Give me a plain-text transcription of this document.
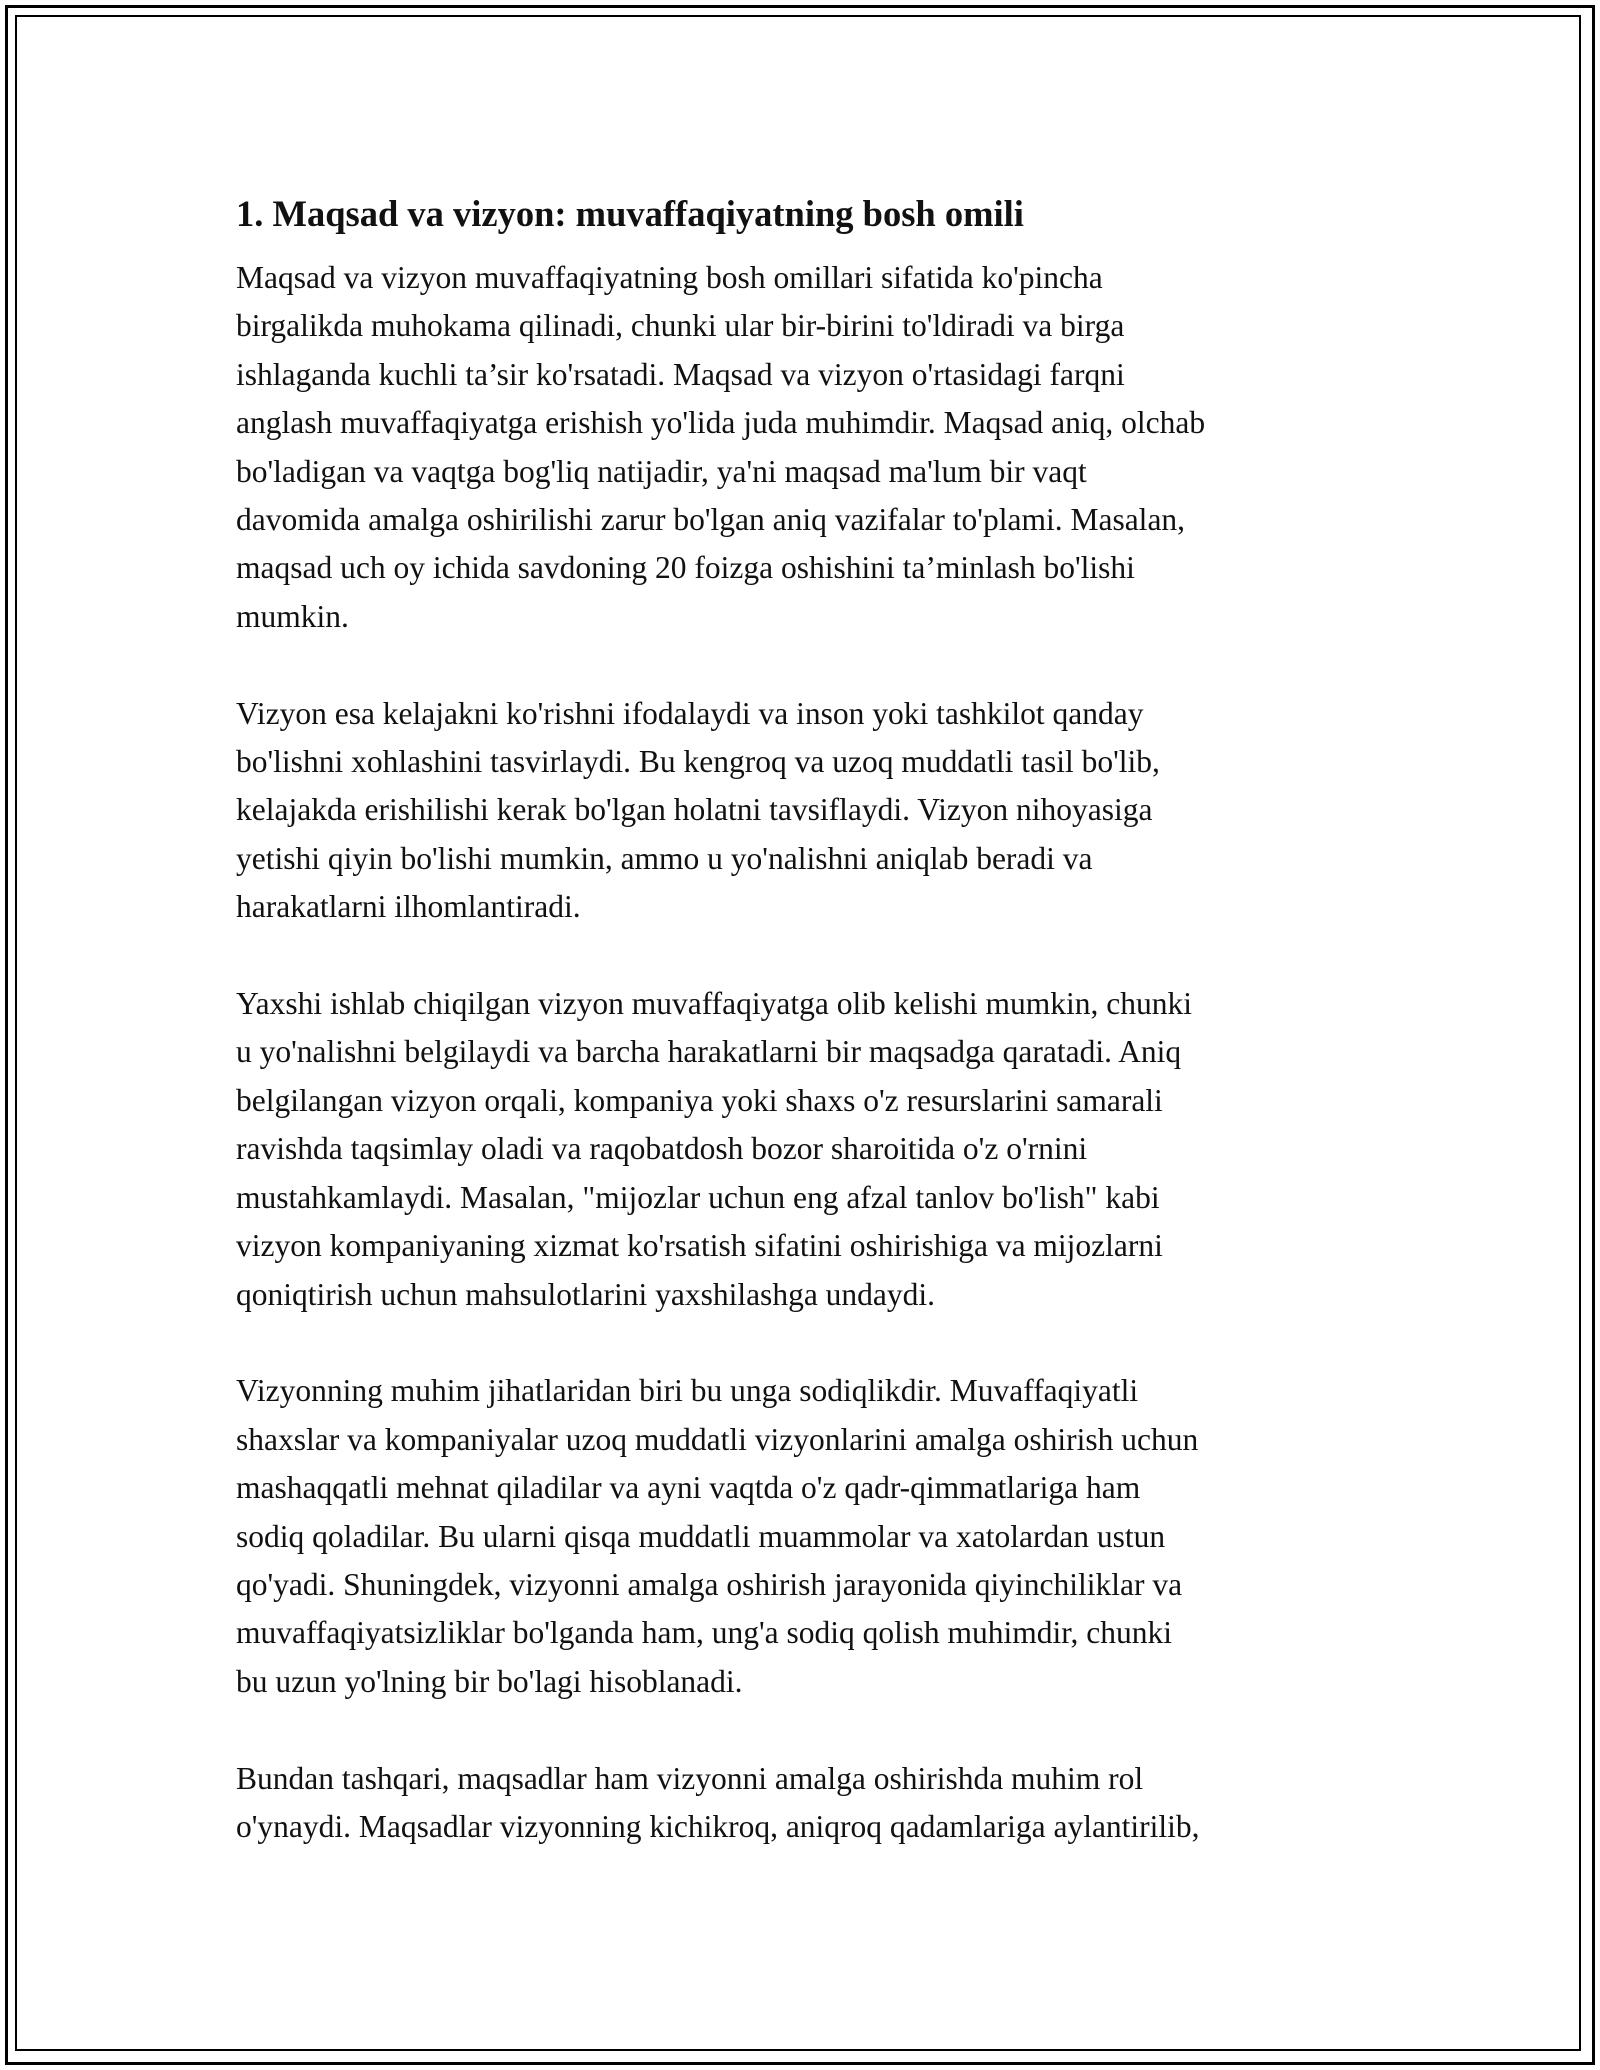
1. Maqsad va vizyon: muvaffaqiyatning bosh omili
Maqsad va vizyon muvaffaqiyatning bosh omillari sifatida ko'pincha
birgalikda muhokama qilinadi, chunki ular bir-birini to'ldiradi va birga
ishlaganda kuchli ta’sir ko'rsatadi. Maqsad va vizyon o'rtasidagi farqni
anglash muvaffaqiyatga erishish yo'lida juda muhimdir. Maqsad aniq, olchab
bo'ladigan va vaqtga bog'liq natijadir, ya'ni maqsad ma'lum bir vaqt
davomida amalga oshirilishi zarur bo'lgan aniq vazifalar to'plami. Masalan,
maqsad uch oy ichida savdoning 20 foizga oshishini ta’minlash bo'lishi
mumkin.
Vizyon esa kelajakni ko'rishni ifodalaydi va inson yoki tashkilot qanday
bo'lishni xohlashini tasvirlaydi. Bu kengroq va uzoq muddatli tasil bo'lib,
kelajakda erishilishi kerak bo'lgan holatni tavsiflaydi. Vizyon nihoyasiga
yetishi qiyin bo'lishi mumkin, ammo u yo'nalishni aniqlab beradi va
harakatlarni ilhomlantiradi.
Yaxshi ishlab chiqilgan vizyon muvaffaqiyatga olib kelishi mumkin, chunki
u yo'nalishni belgilaydi va barcha harakatlarni bir maqsadga qaratadi. Aniq
belgilangan vizyon orqali, kompaniya yoki shaxs o'z resurslarini samarali
ravishda taqsimlay oladi va raqobatdosh bozor sharoitida o'z o'rnini
mustahkamlaydi. Masalan, "mijozlar uchun eng afzal tanlov bo'lish" kabi
vizyon kompaniyaning xizmat ko'rsatish sifatini oshirishiga va mijozlarni
qoniqtirish uchun mahsulotlarini yaxshilashga undaydi.
Vizyonning muhim jihatlaridan biri bu unga sodiqlikdir. Muvaffaqiyatli
shaxslar va kompaniyalar uzoq muddatli vizyonlarini amalga oshirish uchun
mashaqqatli mehnat qiladilar va ayni vaqtda o'z qadr-qimmatlariga ham
sodiq qoladilar. Bu ularni qisqa muddatli muammolar va xatolardan ustun
qo'yadi. Shuningdek, vizyonni amalga oshirish jarayonida qiyinchiliklar va
muvaffaqiyatsizliklar bo'lganda ham, ung'a sodiq qolish muhimdir, chunki
bu uzun yo'lning bir bo'lagi hisoblanadi.
Bundan tashqari, maqsadlar ham vizyonni amalga oshirishda muhim rol
o'ynaydi. Maqsadlar vizyonning kichikroq, aniqroq qadamlariga aylantirilib,
